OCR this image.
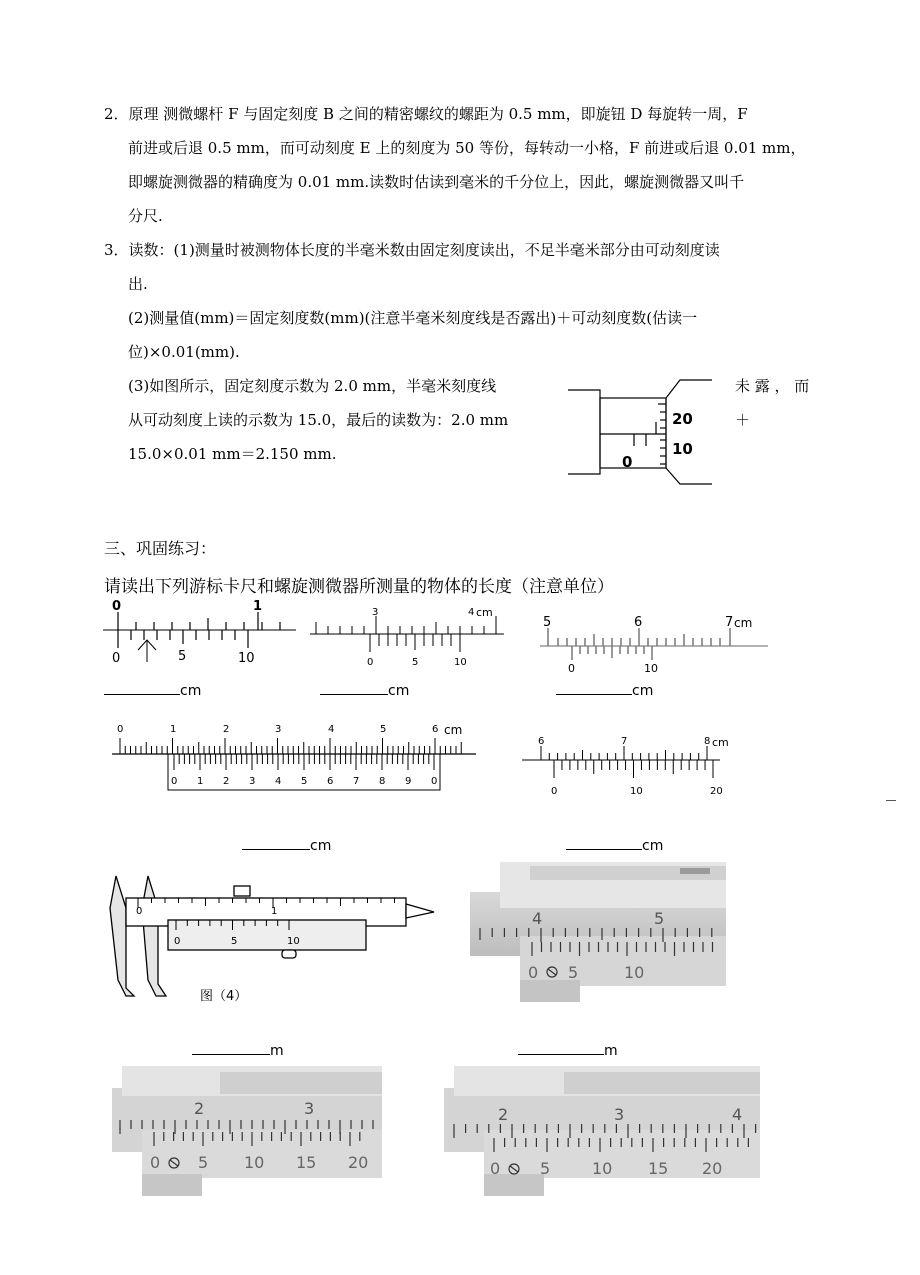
2．原理 测微螺杆 F 与固定刻度 B 之间的精密螺纹的螺距为 0.5 mm，即旋钮 D 每旋转一周，F
前进或后退 0.5 mm，而可动刻度 E 上的刻度为 50 等份，每转动一小格，F 前进或后退 0.01 mm，
即螺旋测微器的精确度为 0.01 mm.读数时估读到毫米的千分位上，因此，螺旋测微器又叫千
分尺.
3．读数：(1)测量时被测物体长度的半毫米数由固定刻度读出，不足半毫米部分由可动刻度读
出.
(2)测量值(mm)＝固定刻度数(mm)(注意半毫米刻度线是否露出)＋可动刻度数(估读一
位)×0.01(mm).
(3)如图所示，固定刻度示数为 2.0 mm，半毫米刻度线	未 露 ， 而
从可动刻度上读的示数为 15.0，最后的读数为：2.0 mm	＋
15.0×0.01 mm＝2.150 mm.
20
10
0
三、巩固练习：
请读出下列游标卡尺和螺旋测微器所测量的物体的长度（注意单位）
0	1
0	5	10
cm
3	4 cm
0	5	10
cm
5	6	7 cm
0	10
cm
0	1	2	3	4	5	6 cm
0 1 2 3 4 5 6 7 8 9 0
cm
6	7	8 cm
0	10	20
cm
0	1
0	5	10
图（4）
4	5
0 5	10
m	m
2	3
0 5 10 15 20
2	3	4
0 5	10 15 20
